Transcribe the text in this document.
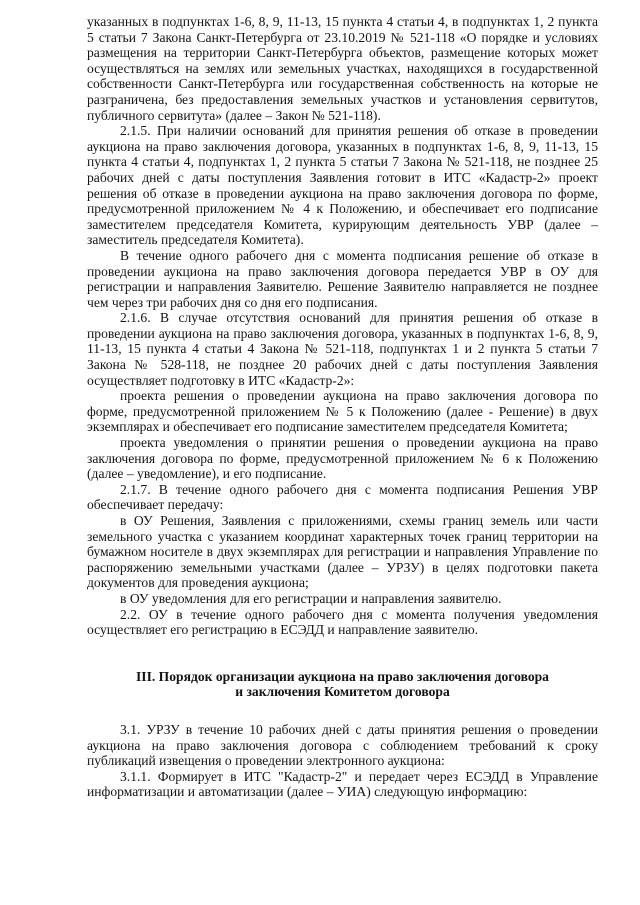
указанных в подпунктах 1-6, 8, 9, 11-13, 15 пункта 4 статьи 4, в подпунктах 1, 2 пункта 5 статьи 7 Закона Санкт-Петербурга от 23.10.2019 № 521-118 «О порядке и условиях размещения на территории Санкт-Петербурга объектов, размещение которых может осуществляться на землях или земельных участках, находящихся в государственной собственности Санкт-Петербурга или государственная собственность на которые не разграничена, без предоставления земельных участков и установления сервитутов, публичного сервитута» (далее – Закон № 521-118).

2.1.5. При наличии оснований для принятия решения об отказе в проведении аукциона на право заключения договора, указанных в подпунктах 1-6, 8, 9, 11-13, 15 пункта 4 статьи 4, подпунктах 1, 2 пункта 5 статьи 7 Закона № 521-118, не позднее 25 рабочих дней с даты поступления Заявления готовит в ИТС «Кадастр-2» проект решения об отказе в проведении аукциона на право заключения договора по форме, предусмотренной приложением № 4 к Положению, и обеспечивает его подписание заместителем председателя Комитета, курирующим деятельность УВР (далее – заместитель председателя Комитета).

В течение одного рабочего дня с момента подписания решение об отказе в проведении аукциона на право заключения договора передается УВР в ОУ для регистрации и направления Заявителю. Решение Заявителю направляется не позднее чем через три рабочих дня со дня его подписания.

2.1.6. В случае отсутствия оснований для принятия решения об отказе в проведении аукциона на право заключения договора, указанных в подпунктах 1-6, 8, 9, 11-13, 15 пункта 4 статьи 4 Закона № 521-118, подпунктах 1 и 2 пункта 5 статьи 7 Закона № 528-118, не позднее 20 рабочих дней с даты поступления Заявления осуществляет подготовку в ИТС «Кадастр-2»:

проекта решения о проведении аукциона на право заключения договора по форме, предусмотренной приложением № 5 к Положению (далее - Решение) в двух экземплярах и обеспечивает его подписание заместителем председателя Комитета;

проекта уведомления о принятии решения о проведении аукциона на право заключения договора по форме, предусмотренной приложением № 6 к Положению (далее – уведомление), и его подписание.

2.1.7. В течение одного рабочего дня с момента подписания Решения УВР обеспечивает передачу:

в ОУ Решения, Заявления с приложениями, схемы границ земель или части земельного участка с указанием координат характерных точек границ территории на бумажном носителе в двух экземплярах для регистрации и направления Управление по распоряжению земельными участками (далее – УРЗУ) в целях подготовки пакета документов для проведения аукциона;

в ОУ уведомления для его регистрации и направления заявителю.

2.2. ОУ в течение одного рабочего дня с момента получения уведомления осуществляет его регистрацию в ЕСЭДД и направление заявителю.

III. Порядок организации аукциона на право заключения договора
и заключения Комитетом договора

3.1. УРЗУ в течение 10 рабочих дней с даты принятия решения о проведении аукциона на право заключения договора с соблюдением требований к сроку публикаций извещения о проведении электронного аукциона:

3.1.1. Формирует в ИТС "Кадастр-2" и передает через ЕСЭДД в Управление информатизации и автоматизации (далее – УИА) следующую информацию:
